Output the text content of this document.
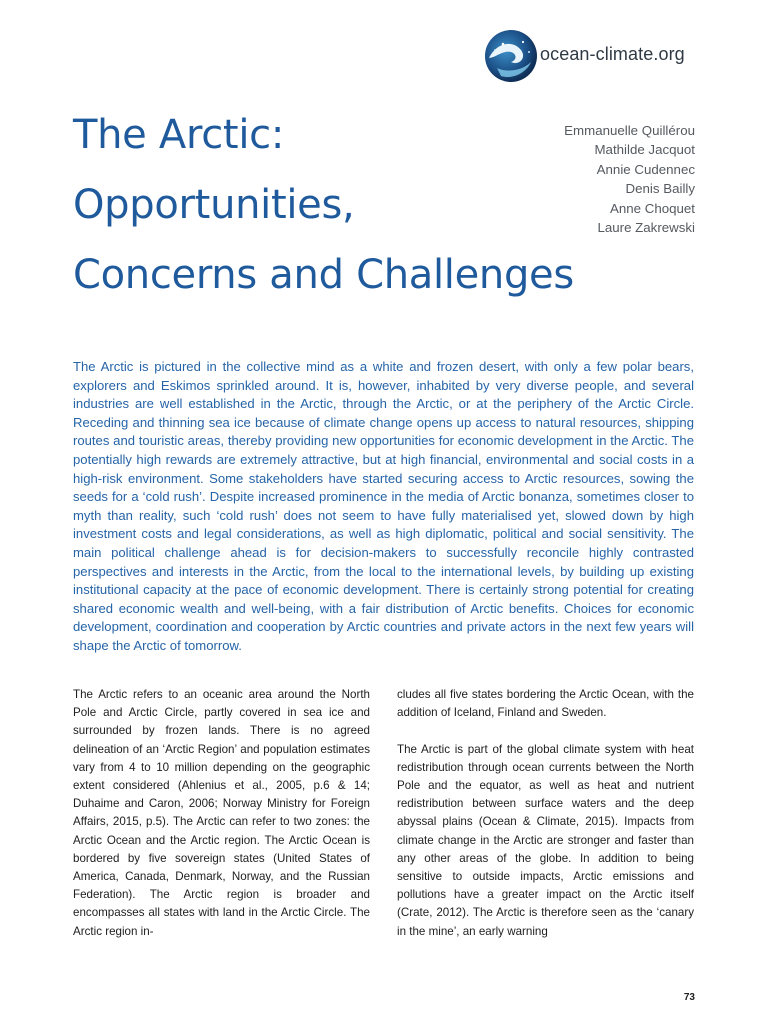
ocean-climate.org
The Arctic:
Opportunities,
Concerns and Challenges
Emmanuelle Quillérou
Mathilde Jacquot
Annie Cudennec
Denis Bailly
Anne Choquet
Laure Zakrewski

The Arctic is pictured in the collective mind as a white and frozen desert, with only a few polar bears, explorers and Eskimos sprinkled around. It is, however, inhabited by very diverse people, and several industries are well established in the Arctic, through the Arctic, or at the periphery of the Arctic Circle. Receding and thinning sea ice because of climate change opens up access to natural resources, shipping routes and touristic areas, thereby providing new opportunities for economic development in the Arctic. The potentially high rewards are extremely attractive, but at high financial, environmental and social costs in a high-risk environment. Some stakeholders have started securing access to Arctic resources, sowing the seeds for a ‘cold rush’. Despite increased prominence in the media of Arctic bonanza, sometimes closer to myth than reality, such ‘cold rush’ does not seem to have fully materialised yet, slowed down by high investment costs and legal considerations, as well as high diplomatic, political and social sensitivity. The main political challenge ahead is for decision-makers to successfully reconcile highly contrasted perspectives and interests in the Arctic, from the local to the international levels, by building up existing institutional capacity at the pace of economic development. There is certainly strong potential for creating shared economic wealth and well-being, with a fair distribution of Arctic benefits. Choices for economic development, coordination and cooperation by Arctic countries and private actors in the next few years will shape the Arctic of tomorrow.

The Arctic refers to an oceanic area around the North Pole and Arctic Circle, partly covered in sea ice and surrounded by frozen lands. There is no agreed delineation of an ‘Arctic Region’ and population estimates vary from 4 to 10 million depending on the geographic extent considered (Ahlenius et al., 2005, p.6 & 14; Duhaime and Caron, 2006; Norway Ministry for Foreign Affairs, 2015, p.5). The Arctic can refer to two zones: the Arctic Ocean and the Arctic region. The Arctic Ocean is bordered by five sovereign states (United States of America, Canada, Denmark, Norway, and the Russian Federation). The Arctic region is broader and encompasses all states with land in the Arctic Circle. The Arctic region in-

cludes all five states bordering the Arctic Ocean, with the addition of Iceland, Finland and Sweden.

The Arctic is part of the global climate system with heat redistribution through ocean currents between the North Pole and the equator, as well as heat and nutrient redistribution between surface waters and the deep abyssal plains (Ocean & Climate, 2015). Impacts from climate change in the Arctic are stronger and faster than any other areas of the globe. In addition to being sensitive to outside impacts, Arctic emissions and pollutions have a greater impact on the Arctic itself (Crate, 2012). The Arctic is therefore seen as the ‘canary in the mine’, an early warning

73
